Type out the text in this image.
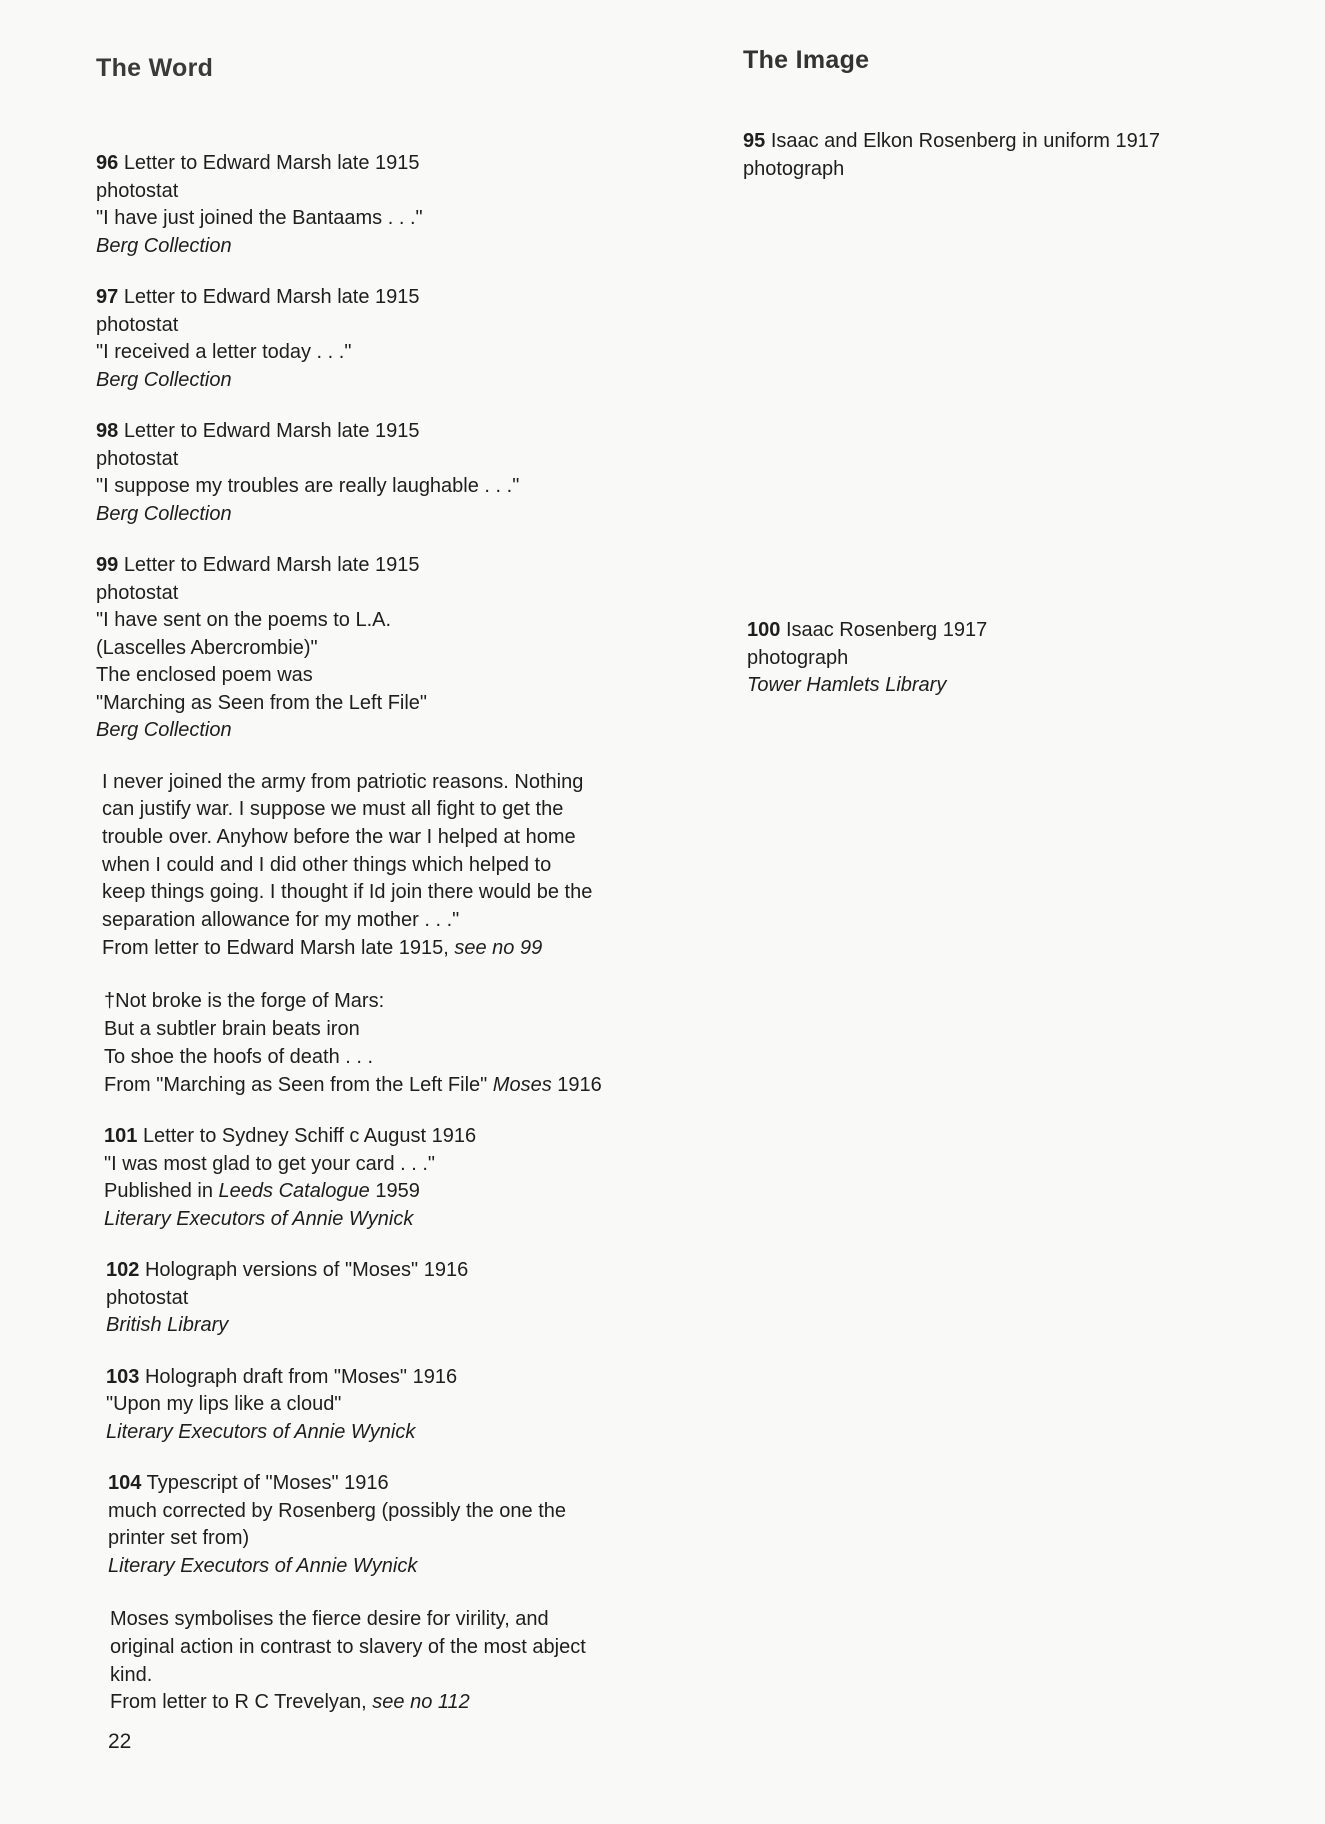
The Word

96 Letter to Edward Marsh late 1915
photostat
"I have just joined the Bantaams . . ."
Berg Collection

97 Letter to Edward Marsh late 1915
photostat
"I received a letter today . . ."
Berg Collection

98 Letter to Edward Marsh late 1915
photostat
"I suppose my troubles are really laughable . . ."
Berg Collection

99 Letter to Edward Marsh late 1915
photostat
"I have sent on the poems to L.A.
(Lascelles Abercrombie)"
The enclosed poem was
"Marching as Seen from the Left File"
Berg Collection

I never joined the army from patriotic reasons. Nothing
can justify war. I suppose we must all fight to get the
trouble over. Anyhow before the war I helped at home
when I could and I did other things which helped to
keep things going. I thought if Id join there would be the
separation allowance for my mother . . ."
From letter to Edward Marsh late 1915, see no 99

†Not broke is the forge of Mars:
But a subtler brain beats iron
To shoe the hoofs of death . . .
From "Marching as Seen from the Left File" Moses 1916

101 Letter to Sydney Schiff c August 1916
"I was most glad to get your card . . ."
Published in Leeds Catalogue 1959
Literary Executors of Annie Wynick

102 Holograph versions of "Moses" 1916
photostat
British Library

103 Holograph draft from "Moses" 1916
"Upon my lips like a cloud"
Literary Executors of Annie Wynick

104 Typescript of "Moses" 1916
much corrected by Rosenberg (possibly the one the
printer set from)
Literary Executors of Annie Wynick

Moses symbolises the fierce desire for virility, and
original action in contrast to slavery of the most abject
kind.
From letter to R C Trevelyan, see no 112

The Image

95 Isaac and Elkon Rosenberg in uniform 1917
photograph

100 Isaac Rosenberg 1917
photograph
Tower Hamlets Library

22
